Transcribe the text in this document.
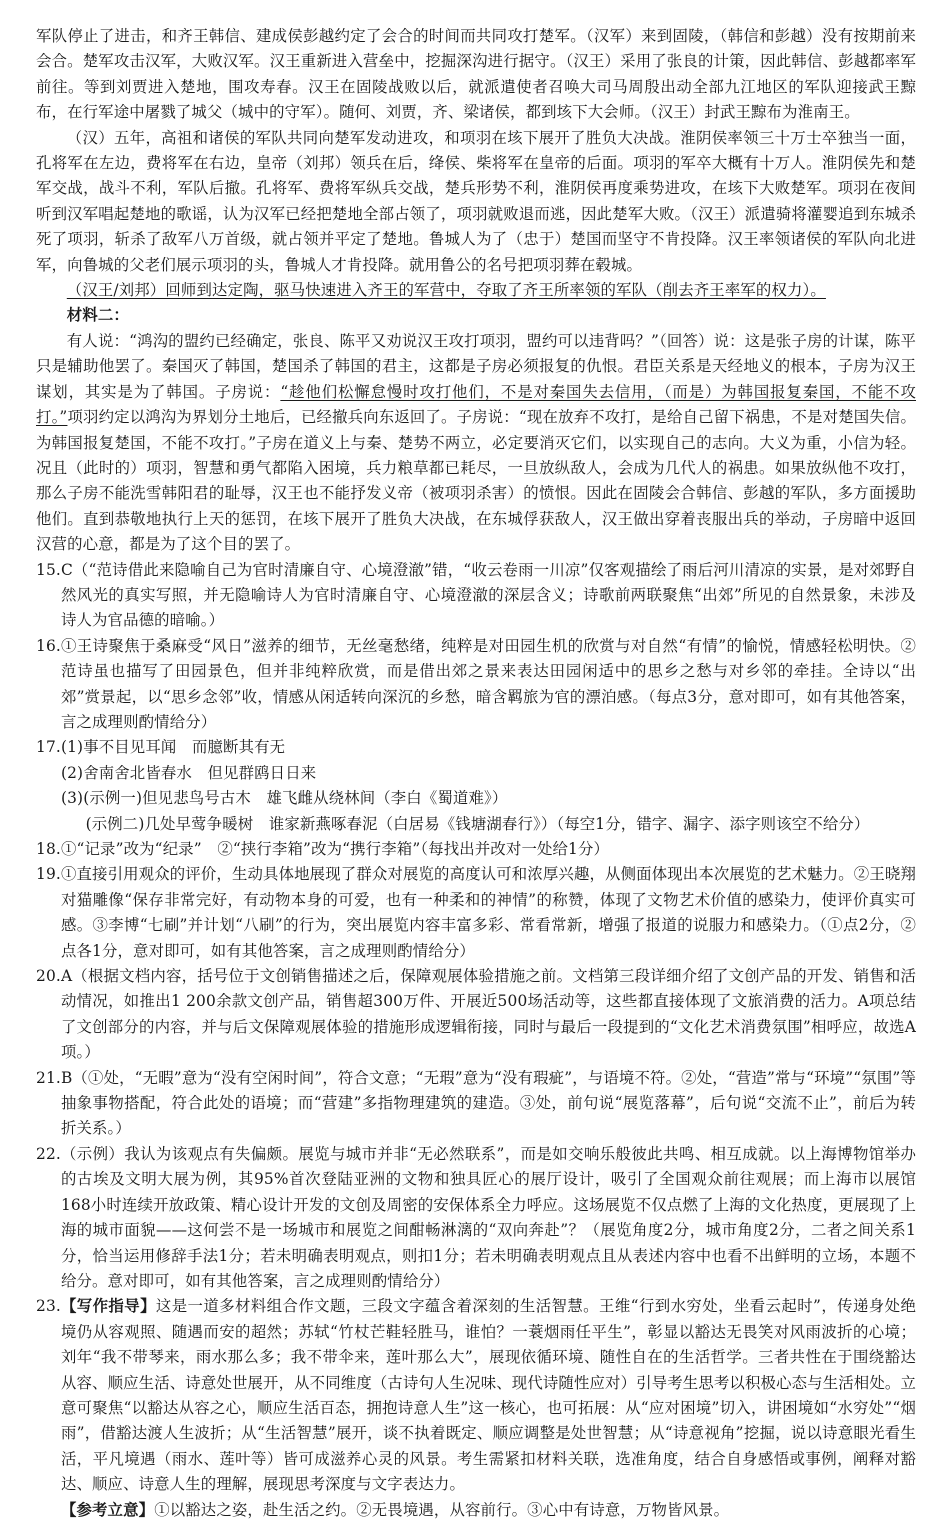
军队停止了进击，和齐王韩信、建成侯彭越约定了会合的时间而共同攻打楚军。（汉军）来到固陵，（韩信和彭越）没有按期前来会合。楚军攻击汉军，大败汉军。汉王重新进入营垒中，挖掘深沟进行据守。（汉王）采用了张良的计策，因此韩信、彭越都率军前往。等到刘贾进入楚地，围攻寿春。汉王在固陵战败以后，就派遣使者召唤大司马周殷出动全部九江地区的军队迎接武王黥布，在行军途中屠戮了城父（城中的守军）。随何、刘贾，齐、梁诸侯，都到垓下大会师。（汉王）封武王黥布为淮南王。

（汉）五年，高祖和诸侯的军队共同向楚军发动进攻，和项羽在垓下展开了胜负大决战。淮阴侯率领三十万士卒独当一面，孔将军在左边，费将军在右边，皇帝（刘邦）领兵在后，绛侯、柴将军在皇帝的后面。项羽的军卒大概有十万人。淮阴侯先和楚军交战，战斗不利，军队后撤。孔将军、费将军纵兵交战，楚兵形势不利，淮阴侯再度乘势进攻，在垓下大败楚军。项羽在夜间听到汉军唱起楚地的歌谣，认为汉军已经把楚地全部占领了，项羽就败退而逃，因此楚军大败。（汉王）派遣骑将灌婴追到东城杀死了项羽，斩杀了敌军八万首级，就占领并平定了楚地。鲁城人为了（忠于）楚国而坚守不肯投降。汉王率领诸侯的军队向北进军，向鲁城的父老们展示项羽的头，鲁城人才肯投降。就用鲁公的名号把项羽葬在毂城。

（汉王/刘邦）回师到达定陶，驱马快速进入齐王的军营中，夺取了齐王所率领的军队（削去齐王率军的权力）。

材料二：

有人说：“鸿沟的盟约已经确定，张良、陈平又劝说汉王攻打项羽，盟约可以违背吗？”（回答）说：这是张子房的计谋，陈平只是辅助他罢了。秦国灭了韩国，楚国杀了韩国的君主，这都是子房必须报复的仇恨。君臣关系是天经地义的根本，子房为汉王谋划，其实是为了韩国。子房说：“趁他们松懈怠慢时攻打他们，不是对秦国失去信用，（而是）为韩国报复秦国，不能不攻打。”项羽约定以鸿沟为界划分土地后，已经撤兵向东返回了。子房说：“现在放弃不攻打，是给自己留下祸患，不是对楚国失信。为韩国报复楚国，不能不攻打。”子房在道义上与秦、楚势不两立，必定要消灭它们，以实现自己的志向。大义为重，小信为轻。况且（此时的）项羽，智慧和勇气都陷入困境，兵力粮草都已耗尽，一旦放纵敌人，会成为几代人的祸患。如果放纵他不攻打，那么子房不能洗雪韩阳君的耻辱，汉王也不能抒发义帝（被项羽杀害）的愤恨。因此在固陵会合韩信、彭越的军队，多方面援助他们。直到恭敬地执行上天的惩罚，在垓下展开了胜负大决战，在东城俘获敌人，汉王做出穿着丧服出兵的举动，子房暗中返回汉营的心意，都是为了这个目的罢了。

15. C（“范诗借此来隐喻自己为官时清廉自守、心境澄澈”错，“收云卷雨一川凉”仅客观描绘了雨后河川清凉的实景，是对郊野自然风光的真实写照，并无隐喻诗人为官时清廉自守、心境澄澈的深层含义；诗歌前两联聚焦“出郊”所见的自然景象，未涉及诗人为官品德的暗喻。）
16. ①王诗聚焦于桑麻受“风日”滋养的细节，无丝毫愁绪，纯粹是对田园生机的欣赏与对自然“有情”的愉悦，情感轻松明快。②范诗虽也描写了田园景色，但并非纯粹欣赏，而是借出郊之景来表达田园闲适中的思乡之愁与对乡邻的牵挂。全诗以“出郊”赏景起，以“思乡念邻”收，情感从闲适转向深沉的乡愁，暗含羁旅为官的漂泊感。（每点3分，意对即可，如有其他答案，言之成理则酌情给分）
17. (1)事不目见耳闻　而臆断其有无
(2)舍南舍北皆春水　但见群鸥日日来
(3)(示例一)但见悲鸟号古木　雄飞雌从绕林间（李白《蜀道难》）
(示例二)几处早莺争暖树　谁家新燕啄春泥（白居易《钱塘湖春行》）（每空1分，错字、漏字、添字则该空不给分）
18. ①“记录”改为“纪录”　②“挟行李箱”改为“携行李箱”（每找出并改对一处给1分）
19. ①直接引用观众的评价，生动具体地展现了群众对展览的高度认可和浓厚兴趣，从侧面体现出本次展览的艺术魅力。②王晓翔对猫雕像“保存非常完好，有动物本身的可爱，也有一种柔和的神情”的称赞，体现了文物艺术价值的感染力，使评价真实可感。③李博“七刷”并计划“八刷”的行为，突出展览内容丰富多彩、常看常新，增强了报道的说服力和感染力。（①点2分，②点各1分，意对即可，如有其他答案，言之成理则酌情给分）
20. A（根据文档内容，括号位于文创销售描述之后，保障观展体验措施之前。文档第三段详细介绍了文创产品的开发、销售和活动情况，如推出1 200余款文创产品，销售超300万件、开展近500场活动等，这些都直接体现了文旅消费的活力。A项总结了文创部分的内容，并与后文保障观展体验的措施形成逻辑衔接，同时与最后一段提到的“文化艺术消费氛围”相呼应，故选A项。）
21. B（①处，“无暇”意为“没有空闲时间”，符合文意；“无瑕”意为“没有瑕疵”，与语境不符。②处，“营造”常与“环境”“氛围”等抽象事物搭配，符合此处的语境；而“营建”多指物理建筑的建造。③处，前句说“展览落幕”，后句说“交流不止”，前后为转折关系。）
22. （示例）我认为该观点有失偏颇。展览与城市并非“无必然联系”，而是如交响乐般彼此共鸣、相互成就。以上海博物馆举办的古埃及文明大展为例，其95%首次登陆亚洲的文物和独具匠心的展厅设计，吸引了全国观众前往观展；而上海市以展馆168小时连续开放政策、精心设计开发的文创及周密的安保体系全力呼应。这场展览不仅点燃了上海的文化热度，更展现了上海的城市面貌——这何尝不是一场城市和展览之间酣畅淋漓的“双向奔赴”？（展览角度2分，城市角度2分，二者之间关系1分，恰当运用修辞手法1分；若未明确表明观点，则扣1分；若未明确表明观点且从表述内容中也看不出鲜明的立场，本题不给分。意对即可，如有其他答案，言之成理则酌情给分）
23. 【写作指导】这是一道多材料组合作文题，三段文字蕴含着深刻的生活智慧。王维“行到水穷处，坐看云起时”，传递身处绝境仍从容观照、随遇而安的超然；苏轼“竹杖芒鞋轻胜马，谁怕？一蓑烟雨任平生”，彰显以豁达无畏笑对风雨波折的心境；刘年“我不带琴来，雨水那么多；我不带伞来，莲叶那么大”，展现依循环境、随性自在的生活哲学。三者共性在于围绕豁达从容、顺应生活、诗意处世展开，从不同维度（古诗句人生况味、现代诗随性应对）引导考生思考以积极心态与生活相处。立意可聚焦“以豁达从容之心，顺应生活百态，拥抱诗意人生”这一核心，也可拓展：从“应对困境”切入，讲困境如“水穷处”“烟雨”，借豁达渡人生波折；从“生活智慧”展开，谈不执着既定、顺应调整是处世智慧；从“诗意视角”挖掘，说以诗意眼光看生活，平凡境遇（雨水、莲叶等）皆可成滋养心灵的风景。考生需紧扣材料关联，选准角度，结合自身感悟或事例，阐释对豁达、顺应、诗意人生的理解，展现思考深度与文字表达力。
【参考立意】①以豁达之姿，赴生活之约。②无畏境遇，从容前行。③心中有诗意，万物皆风景。
